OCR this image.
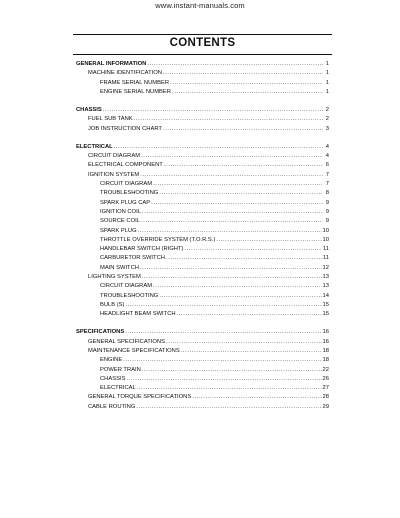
www.instant-manuals.com
CONTENTS
GENERAL INFORMATION .....	1
MACHINE IDENTIFICATION .....	1
FRAME SERIAL NUMBER .....	1
ENGINE SERIAL NUMBER .....	1
CHASSIS .....	2
FUEL SUB TANK .....	2
JOB INSTRUCTION CHART .....	3
ELECTRICAL .....	4
CIRCUIT DIAGRAM .....	4
ELECTRICAL COMPONENT .....	6
IGNITION SYSTEM .....	7
CIRCUIT DIAGRAM .....	7
TROUBLESHOOTING .....	8
SPARK PLUG CAP .....	9
IGNITION COIL .....	9
SOURCE COIL .....	9
SPARK PLUG .....	10
THROTTLE OVERRIDE SYSTEM (T.O.R.S.) .....	10
HANDLEBAR SWITCH (RIGHT) .....	11
CARBURETOR SWITCH .....	11
MAIN SWITCH .....	12
LIGHTING SYSTEM .....	13
CIRCUIT DIAGRAM .....	13
TROUBLESHOOTING .....	14
BULB (S) .....	15
HEADLIGHT BEAM SWITCH .....	15
SPECIFICATIONS .....	16
GENERAL SPECIFICATIONS .....	16
MAINTENANCE SPECIFICATIONS .....	18
ENGINE .....	18
POWER TRAIN .....	22
CHASSIS .....	26
ELECTRICAL .....	27
GENERAL TORQUE SPECIFICATIONS .....	28
CABLE ROUTING .....	29
